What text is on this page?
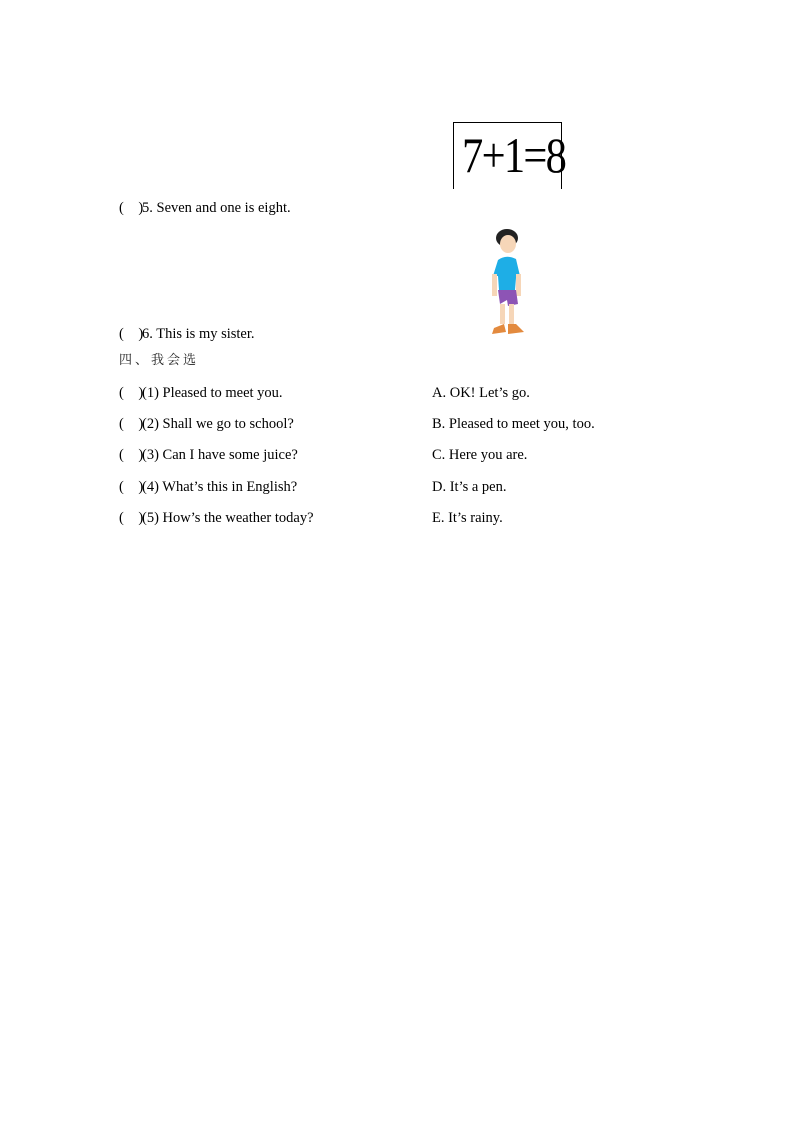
7+1=8
(    )5. Seven and one is eight.
(    )6. This is my sister.
四、我会选
(    )(1) Pleased to meet you.
(    )(2) Shall we go to school?
(    )(3) Can I have some juice?
(    )(4) What’s this in English?
(    )(5) How’s the weather today?
A. OK! Let’s go.
B. Pleased to meet you, too.
C. Here you are.
D. It’s a pen.
E. It’s rainy.
